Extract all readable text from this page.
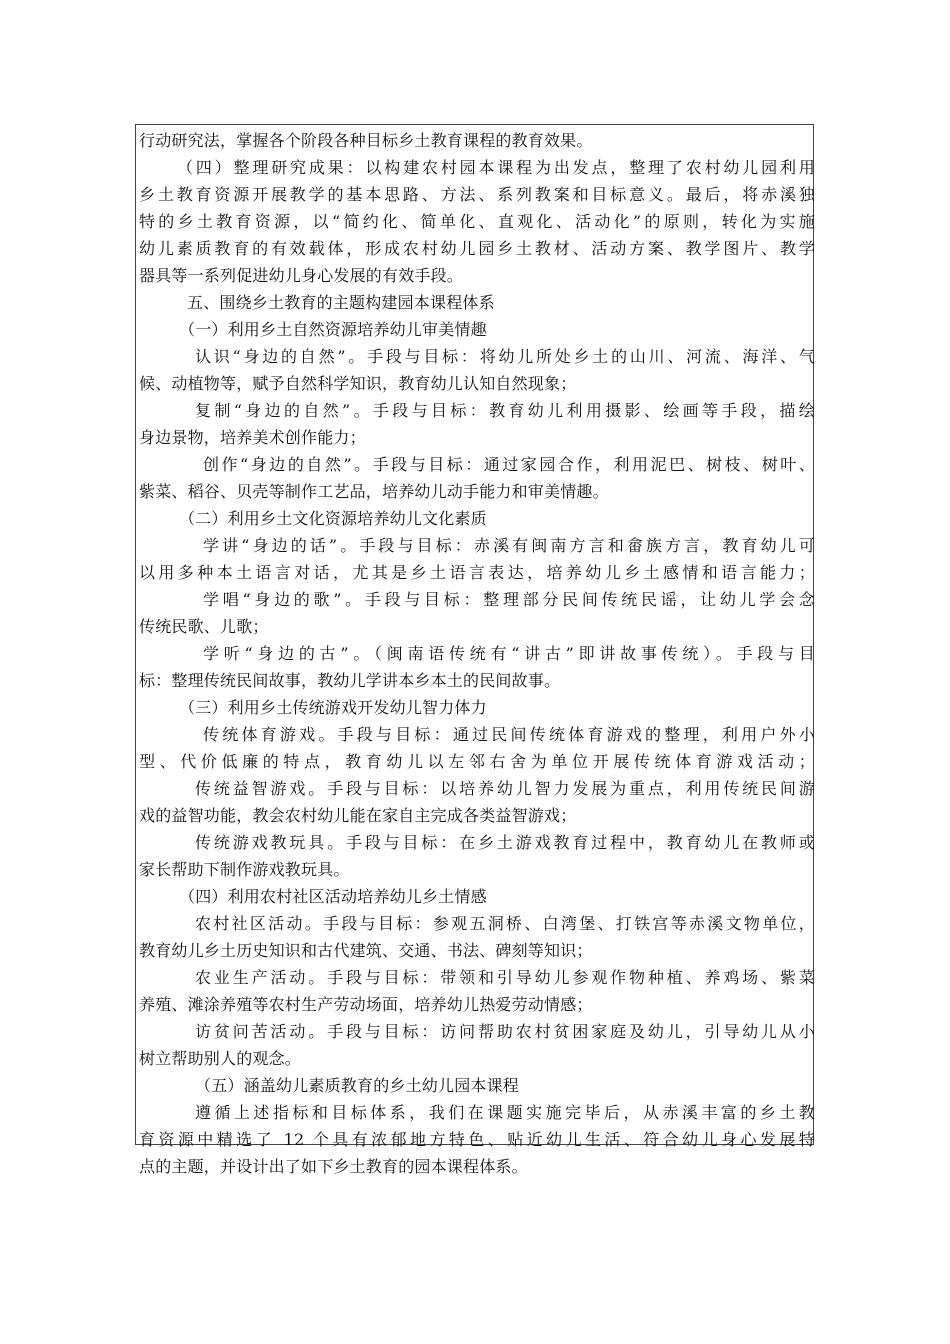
行动研究法，掌握各个阶段各种目标乡土教育课程的教育效果。
（四）整理研究成果：以构建农村园本课程为出发点，整理了农村幼儿园利用
乡土教育资源开展教学的基本思路、方法、系列教案和目标意义。最后，将赤溪独
特的乡土教育资源，以“简约化、简单化、直观化、活动化”的原则，转化为实施
幼儿素质教育的有效载体，形成农村幼儿园乡土教材、活动方案、教学图片、教学
器具等一系列促进幼儿身心发展的有效手段。
五、围绕乡土教育的主题构建园本课程体系
（一）利用乡土自然资源培养幼儿审美情趣
认识“身边的自然”。手段与目标：将幼儿所处乡土的山川、河流、海洋、气
候、动植物等，赋予自然科学知识，教育幼儿认知自然现象；
复制“身边的自然”。手段与目标：教育幼儿利用摄影、绘画等手段，描绘
身边景物，培养美术创作能力；
创作“身边的自然”。手段与目标：通过家园合作，利用泥巴、树枝、树叶、
紫菜、稻谷、贝壳等制作工艺品，培养幼儿动手能力和审美情趣。
（二）利用乡土文化资源培养幼儿文化素质
学讲“身边的话”。手段与目标：赤溪有闽南方言和畲族方言，教育幼儿可
以用多种本土语言对话，尤其是乡土语言表达，培养幼儿乡土感情和语言能力；
学唱“身边的歌”。手段与目标：整理部分民间传统民谣，让幼儿学会念
传统民歌、儿歌；
学听“身边的古”。（闽南语传统有“讲古”即讲故事传统）。手段与目
标：整理传统民间故事，教幼儿学讲本乡本土的民间故事。
（三）利用乡土传统游戏开发幼儿智力体力
传统体育游戏。手段与目标：通过民间传统体育游戏的整理，利用户外小
型、代价低廉的特点，教育幼儿以左邻右舍为单位开展传统体育游戏活动；
传统益智游戏。手段与目标：以培养幼儿智力发展为重点，利用传统民间游
戏的益智功能，教会农村幼儿能在家自主完成各类益智游戏；
传统游戏教玩具。手段与目标：在乡土游戏教育过程中，教育幼儿在教师或
家长帮助下制作游戏教玩具。
（四）利用农村社区活动培养幼儿乡土情感
农村社区活动。手段与目标：参观五洞桥、白湾堡、打铁宫等赤溪文物单位，
教育幼儿乡土历史知识和古代建筑、交通、书法、碑刻等知识；
农业生产活动。手段与目标：带领和引导幼儿参观作物种植、养鸡场、紫菜
养殖、滩涂养殖等农村生产劳动场面，培养幼儿热爱劳动情感；
访贫问苦活动。手段与目标：访问帮助农村贫困家庭及幼儿，引导幼儿从小
树立帮助别人的观念。
（五）涵盖幼儿素质教育的乡土幼儿园本课程
遵循上述指标和目标体系，我们在课题实施完毕后，从赤溪丰富的乡土教
育资源中精选了 12 个具有浓郁地方特色、贴近幼儿生活、符合幼儿身心发展特
点的主题，并设计出了如下乡土教育的园本课程体系。
